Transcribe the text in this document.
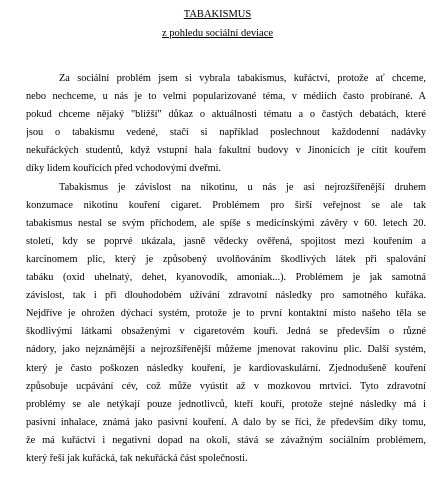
TABAKISMUS
z pohledu sociální deviace
Za sociální problém jsem si vybrala tabakismus, kuřáctví, protože ať chceme,
nebo nechceme, u nás je to velmi popularizované téma, v médiích často probírané. A
pokud chceme nějaký "bližší" důkaz o aktuálnosti tématu a o častých debatách, které
jsou o tabakismu vedené, stačí si například poslechnout každodenní nadávky
nekuřáckých studentů, když vstupní hala fakultní budovy v Jinonicích je cítit kouřem
díky lidem kouřících před vchodovými dveřmi.
Tabakismus je závislost na nikotinu, u nás je asi nejrozšířenější druhem
konzumace nikotinu kouření cigaret. Problémem pro širší veřejnost se ale tak
tabakismus nestal se svým příchodem, ale spíše s medicínskými závěry v 60. letech 20.
století, kdy se poprvé ukázala, jasně vědecky ověřená, spojitost mezi kouřením a
karcinomem plic, který je způsobený uvolňováním škodlivých látek při spalování
tabáku (oxid uhelnatý, dehet, kyanovodík, amoniak...). Problémem je jak samotná
závislost, tak i při dlouhodobém užívání zdravotní následky pro samotného kuřáka.
Nejdříve je ohrožen dýchací systém, protože je to první kontaktní místo našeho těla se
škodlivými látkami obsaženými v cigaretovém kouři. Jedná se především o různé
nádory, jako nejznámější a nejrozšířenější můžeme jmenovat rakovinu plic. Další systém,
který je často poškozen následky kouření, je kardiovaskulární. Zjednodušeně kouření
způsobuje ucpávání cév, což může vyústit až v mozkovou mrtvici. Tyto zdravotní
problémy se ale netýkají pouze jednotlivců, kteří kouří, protože stejné následky má i
pasivní inhalace, známá jako pasivní kouření. A dalo by se říci, že především díky tomu,
že má kuřáctví i negativní dopad na okolí, stává se závažným sociálním problémem,
který řeší jak kuřácká, tak nekuřácká část společnosti.
